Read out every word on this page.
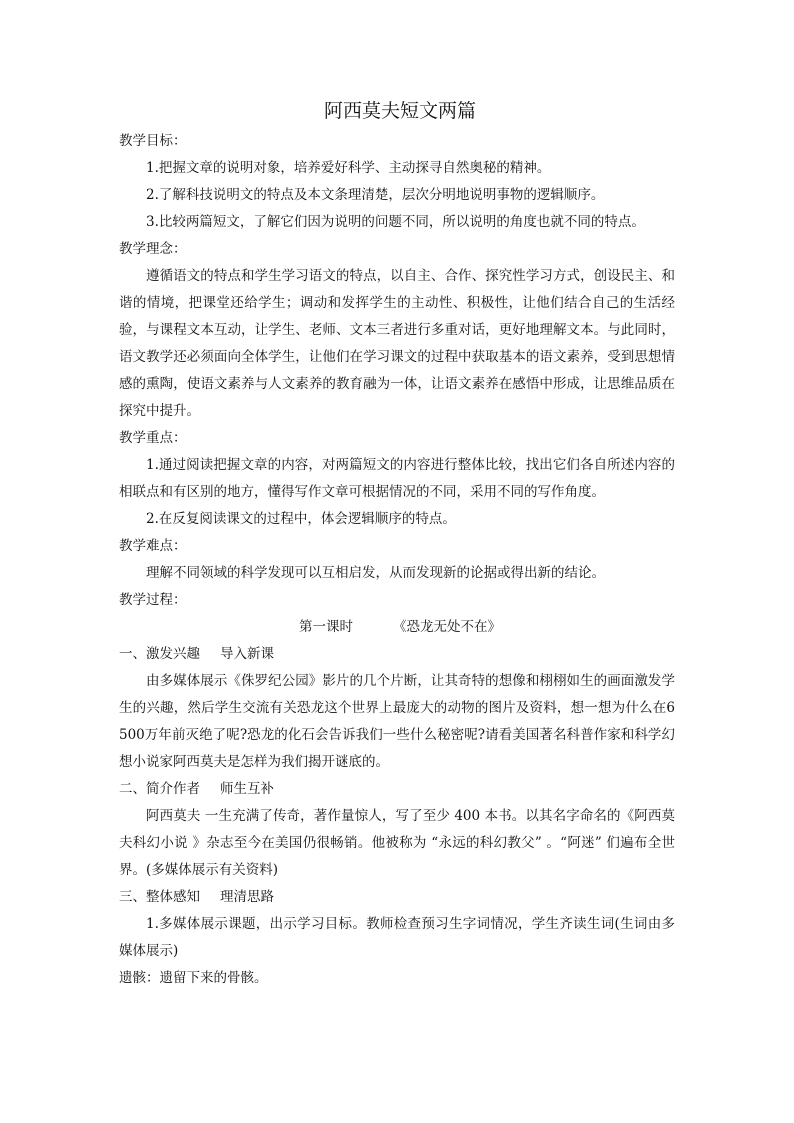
阿西莫夫短文两篇

教学目标：

1.把握文章的说明对象，培养爱好科学、主动探寻自然奥秘的精神。

2.了解科技说明文的特点及本文条理清楚，层次分明地说明事物的逻辑顺序。

3.比较两篇短文，了解它们因为说明的问题不同，所以说明的角度也就不同的特点。

教学理念：

遵循语文的特点和学生学习语文的特点，以自主、合作、探究性学习方式，创设民主、和谐的情境，把课堂还给学生；调动和发挥学生的主动性、积极性，让他们结合自己的生活经验，与课程文本互动，让学生、老师、文本三者进行多重对话，更好地理解文本。与此同时，语文教学还必须面向全体学生，让他们在学习课文的过程中获取基本的语文素养，受到思想情感的熏陶，使语文素养与人文素养的教育融为一体，让语文素养在感悟中形成，让思维品质在探究中提升。

教学重点：

1.通过阅读把握文章的内容，对两篇短文的内容进行整体比较，找出它们各自所述内容的相联点和有区别的地方，懂得写作文章可根据情况的不同，采用不同的写作角度。

2.在反复阅读课文的过程中，体会逻辑顺序的特点。

教学难点：

理解不同领域的科学发现可以互相启发，从而发现新的论据或得出新的结论。

教学过程：

第一课时	《恐龙无处不在》

一、激发兴趣 导入新课

由多媒体展示《侏罗纪公园》影片的几个片断，让其奇特的想像和栩栩如生的画面激发学生的兴趣，然后学生交流有关恐龙这个世界上最庞大的动物的图片及资料，想一想为什么在6 500万年前灭绝了呢?恐龙的化石会告诉我们一些什么秘密呢?请看美国著名科普作家和科学幻想小说家阿西莫夫是怎样为我们揭开谜底的。

二、简介作者 师生互补

阿西莫夫 一生充满了传奇，著作量惊人，写了至少 400 本书。以其名字命名的《阿西莫夫科幻小说 》杂志至今在美国仍很畅销。他被称为 “永远的科幻教父” 。“阿迷” 们遍布全世界。(多媒体展示有关资料)

三、整体感知 理清思路

1.多媒体展示课题，出示学习目标。教师检查预习生字词情况，学生齐读生词(生词由多媒体展示)

遗骸：遗留下来的骨骸。
